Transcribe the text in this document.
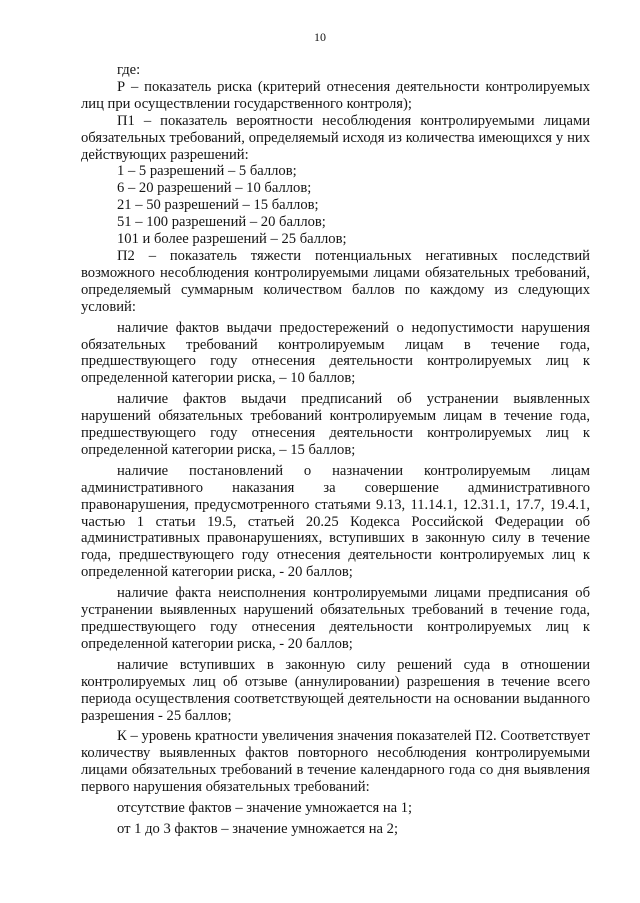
10

где:

Р – показатель риска (критерий отнесения деятельности контролируемых лиц при осуществлении государственного контроля);

П1 – показатель вероятности несоблюдения контролируемыми лицами обязательных требований, определяемый исходя из количества имеющихся у них действующих разрешений:

1 – 5 разрешений – 5 баллов;

6 – 20 разрешений – 10 баллов;

21 – 50 разрешений – 15 баллов;

51 – 100 разрешений – 20 баллов;

101 и более разрешений – 25 баллов;

П2 – показатель тяжести потенциальных негативных последствий возможного несоблюдения контролируемыми лицами обязательных требований, определяемый суммарным количеством баллов по каждому из следующих условий:

наличие фактов выдачи предостережений о недопустимости нарушения обязательных требований контролируемым лицам в течение года, предшествующего году отнесения деятельности контролируемых лиц к определенной категории риска, – 10 баллов;

наличие фактов выдачи предписаний об устранении выявленных нарушений обязательных требований контролируемым лицам в течение года, предшествующего году отнесения деятельности контролируемых лиц к определенной категории риска, – 15 баллов;

наличие постановлений о назначении контролируемым лицам административного наказания за совершение административного правонарушения, предусмотренного статьями 9.13, 11.14.1, 12.31.1, 17.7, 19.4.1, частью 1 статьи 19.5, статьей 20.25 Кодекса Российской Федерации об административных правонарушениях, вступивших в законную силу в течение года, предшествующего году отнесения деятельности контролируемых лиц к определенной категории риска, - 20 баллов;

наличие факта неисполнения контролируемыми лицами предписания об устранении выявленных нарушений обязательных требований в течение года, предшествующего году отнесения деятельности контролируемых лиц к определенной категории риска, - 20 баллов;

наличие вступивших в законную силу решений суда в отношении контролируемых лиц об отзыве (аннулировании) разрешения в течение всего периода осуществления соответствующей деятельности на основании выданного разрешения - 25 баллов;

К – уровень кратности увеличения значения показателей П2. Соответствует количеству выявленных фактов повторного несоблюдения контролируемыми лицами обязательных требований в течение календарного года со дня выявления первого нарушения обязательных требований:

отсутствие фактов – значение умножается на 1;

от 1 до 3 фактов – значение умножается на 2;
